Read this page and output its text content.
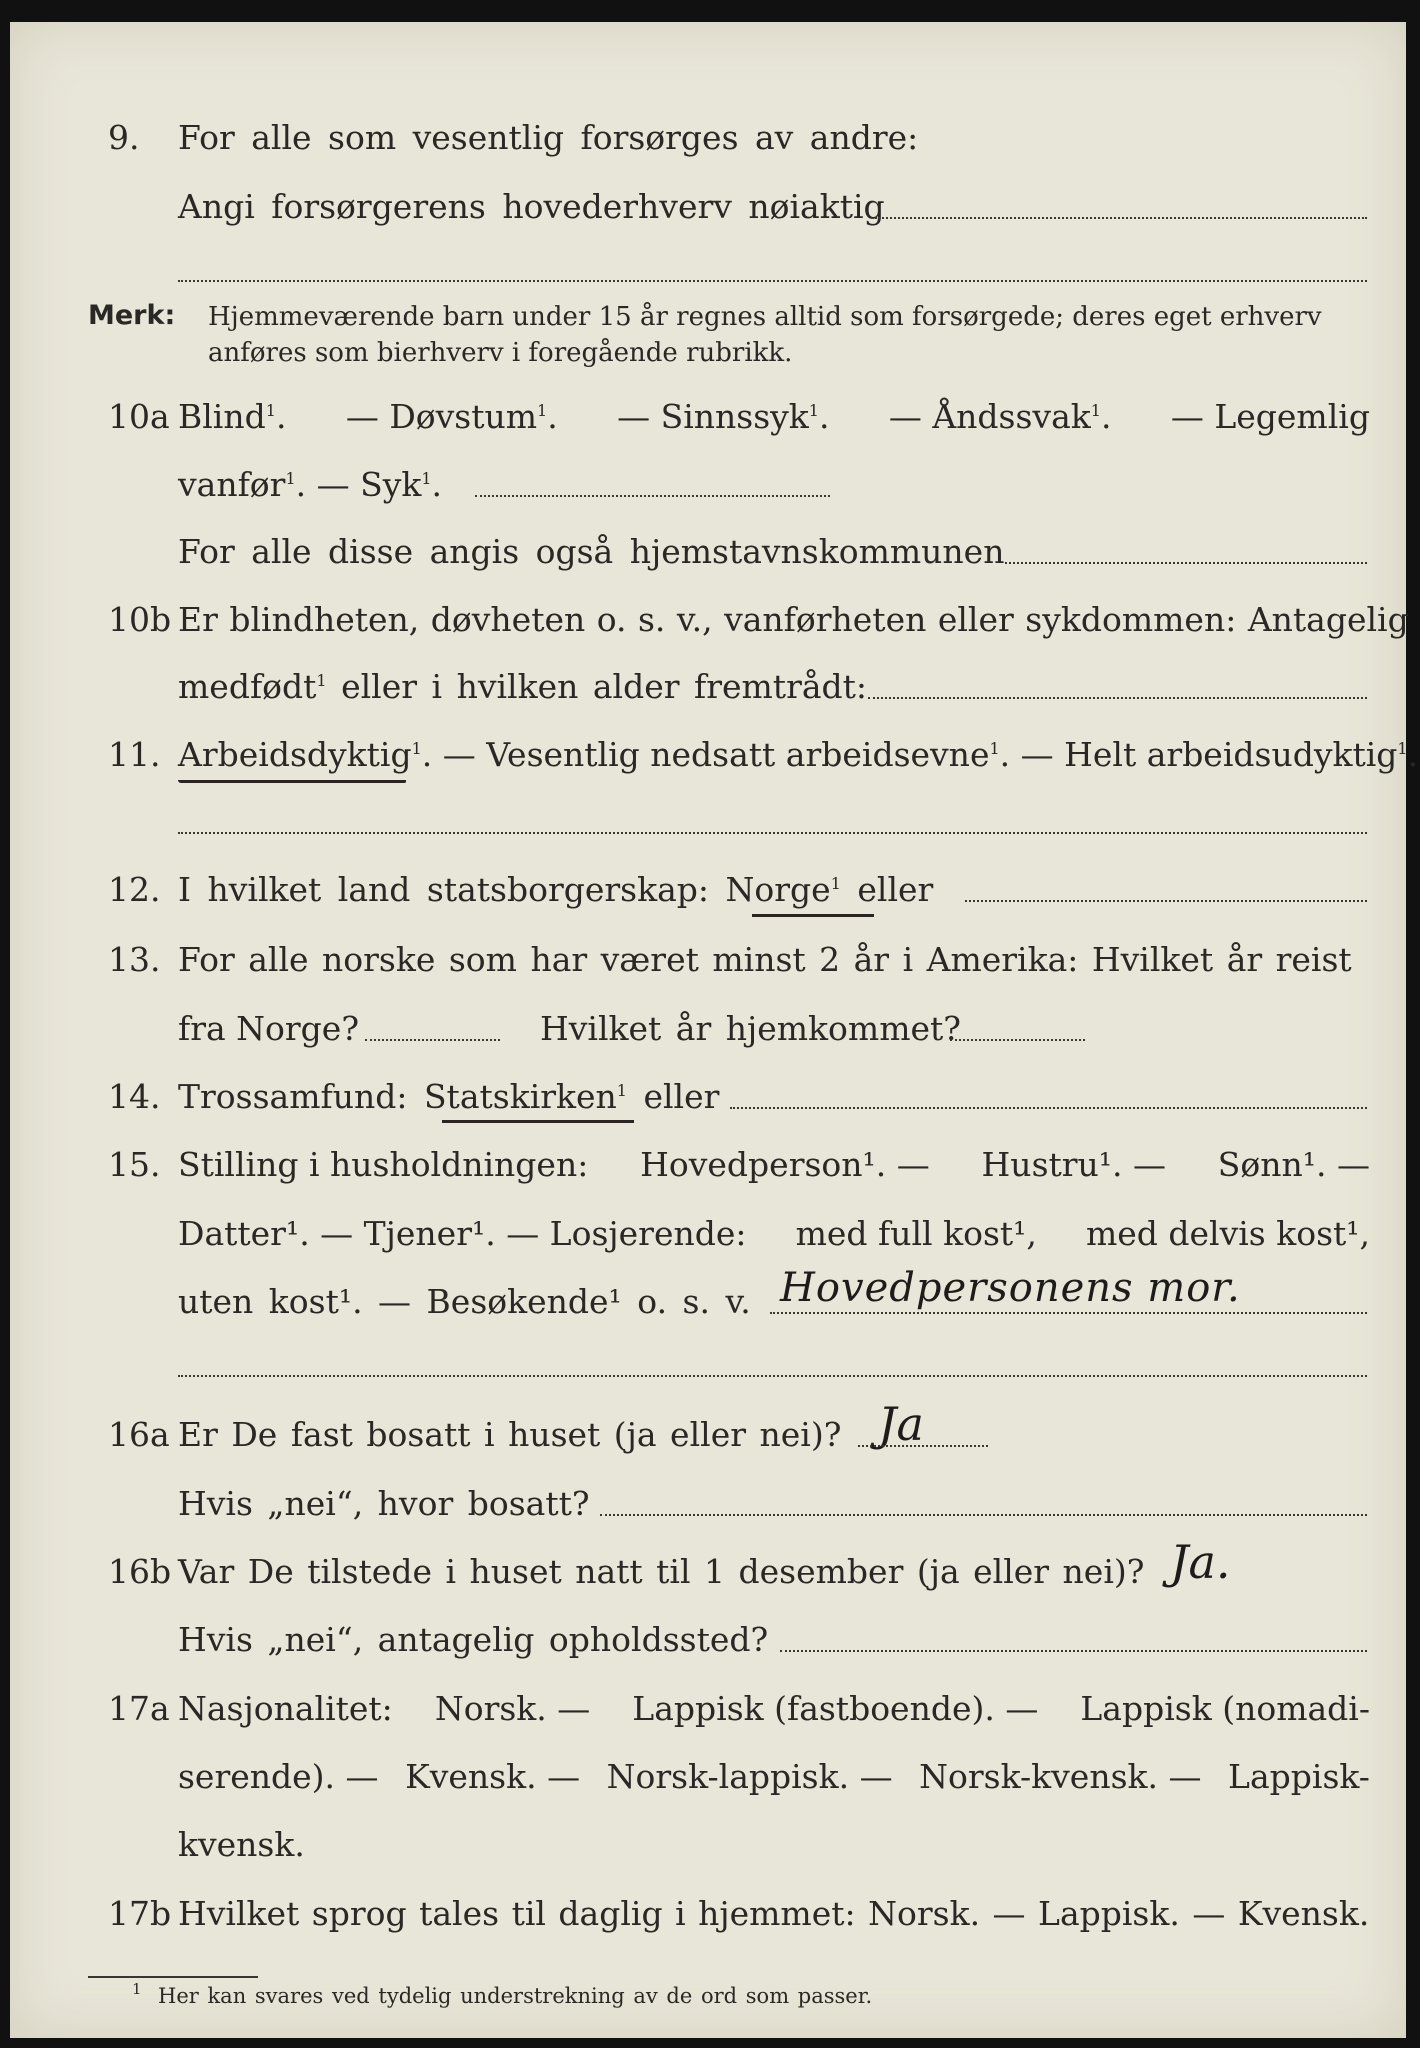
9. For alle som vesentlig forsørges av andre:
Angi forsørgerens hovederhverv nøiaktig
Merk: Hjemmeværende barn under 15 år regnes alltid som forsørgede; deres eget erhverv
anføres som bierhverv i foregående rubrikk.
10a Blind$^1$. — Døvstum$^1$. — Sinnssyk$^1$. — Åndssvak$^1$. — Legemlig
vanfør$^1$. — Syk$^1$.
For alle disse angis også hjemstavnskommunen
10b Er blindheten, døvheten o. s. v., vanførheten eller sykdommen: Antagelig
medfødt$^1$ eller i hvilken alder fremtrådt:
11. Arbeidsdyktig$^1$. — Vesentlig nedsatt arbeidsevne$^1$. — Helt arbeidsudyktig$^1$.
12. I hvilket land statsborgerskap: Norge$^1$ eller
13. For alle norske som har været minst 2 år i Amerika: Hvilket år reist
fra Norge?	Hvilket år hjemkommet?
14. Trossamfund: Statskirken$^1$ eller
15. Stilling i husholdningen: Hovedperson¹. — Hustru¹. — Sønn¹. —
Datter¹. — Tjener¹. — Losjerende: med full kost¹, med delvis kost¹,
uten kost¹. — Besøkende¹ o. s. v. Hovedpersonens mor.
16a Er De fast bosatt i huset (ja eller nei)? Ja
Hvis „nei“, hvor bosatt?
16b Var De tilstede i huset natt til 1 desember (ja eller nei)? Ja.
Hvis „nei“, antagelig opholdssted?
17a Nasjonalitet: Norsk. — Lappisk (fastboende). — Lappisk (nomadi-
serende). — Kvensk. — Norsk-lappisk. — Norsk-kvensk. — Lappisk-
kvensk.
17b Hvilket sprog tales til daglig i hjemmet: Norsk. — Lappisk. — Kvensk.
1 Her kan svares ved tydelig understrekning av de ord som passer.
